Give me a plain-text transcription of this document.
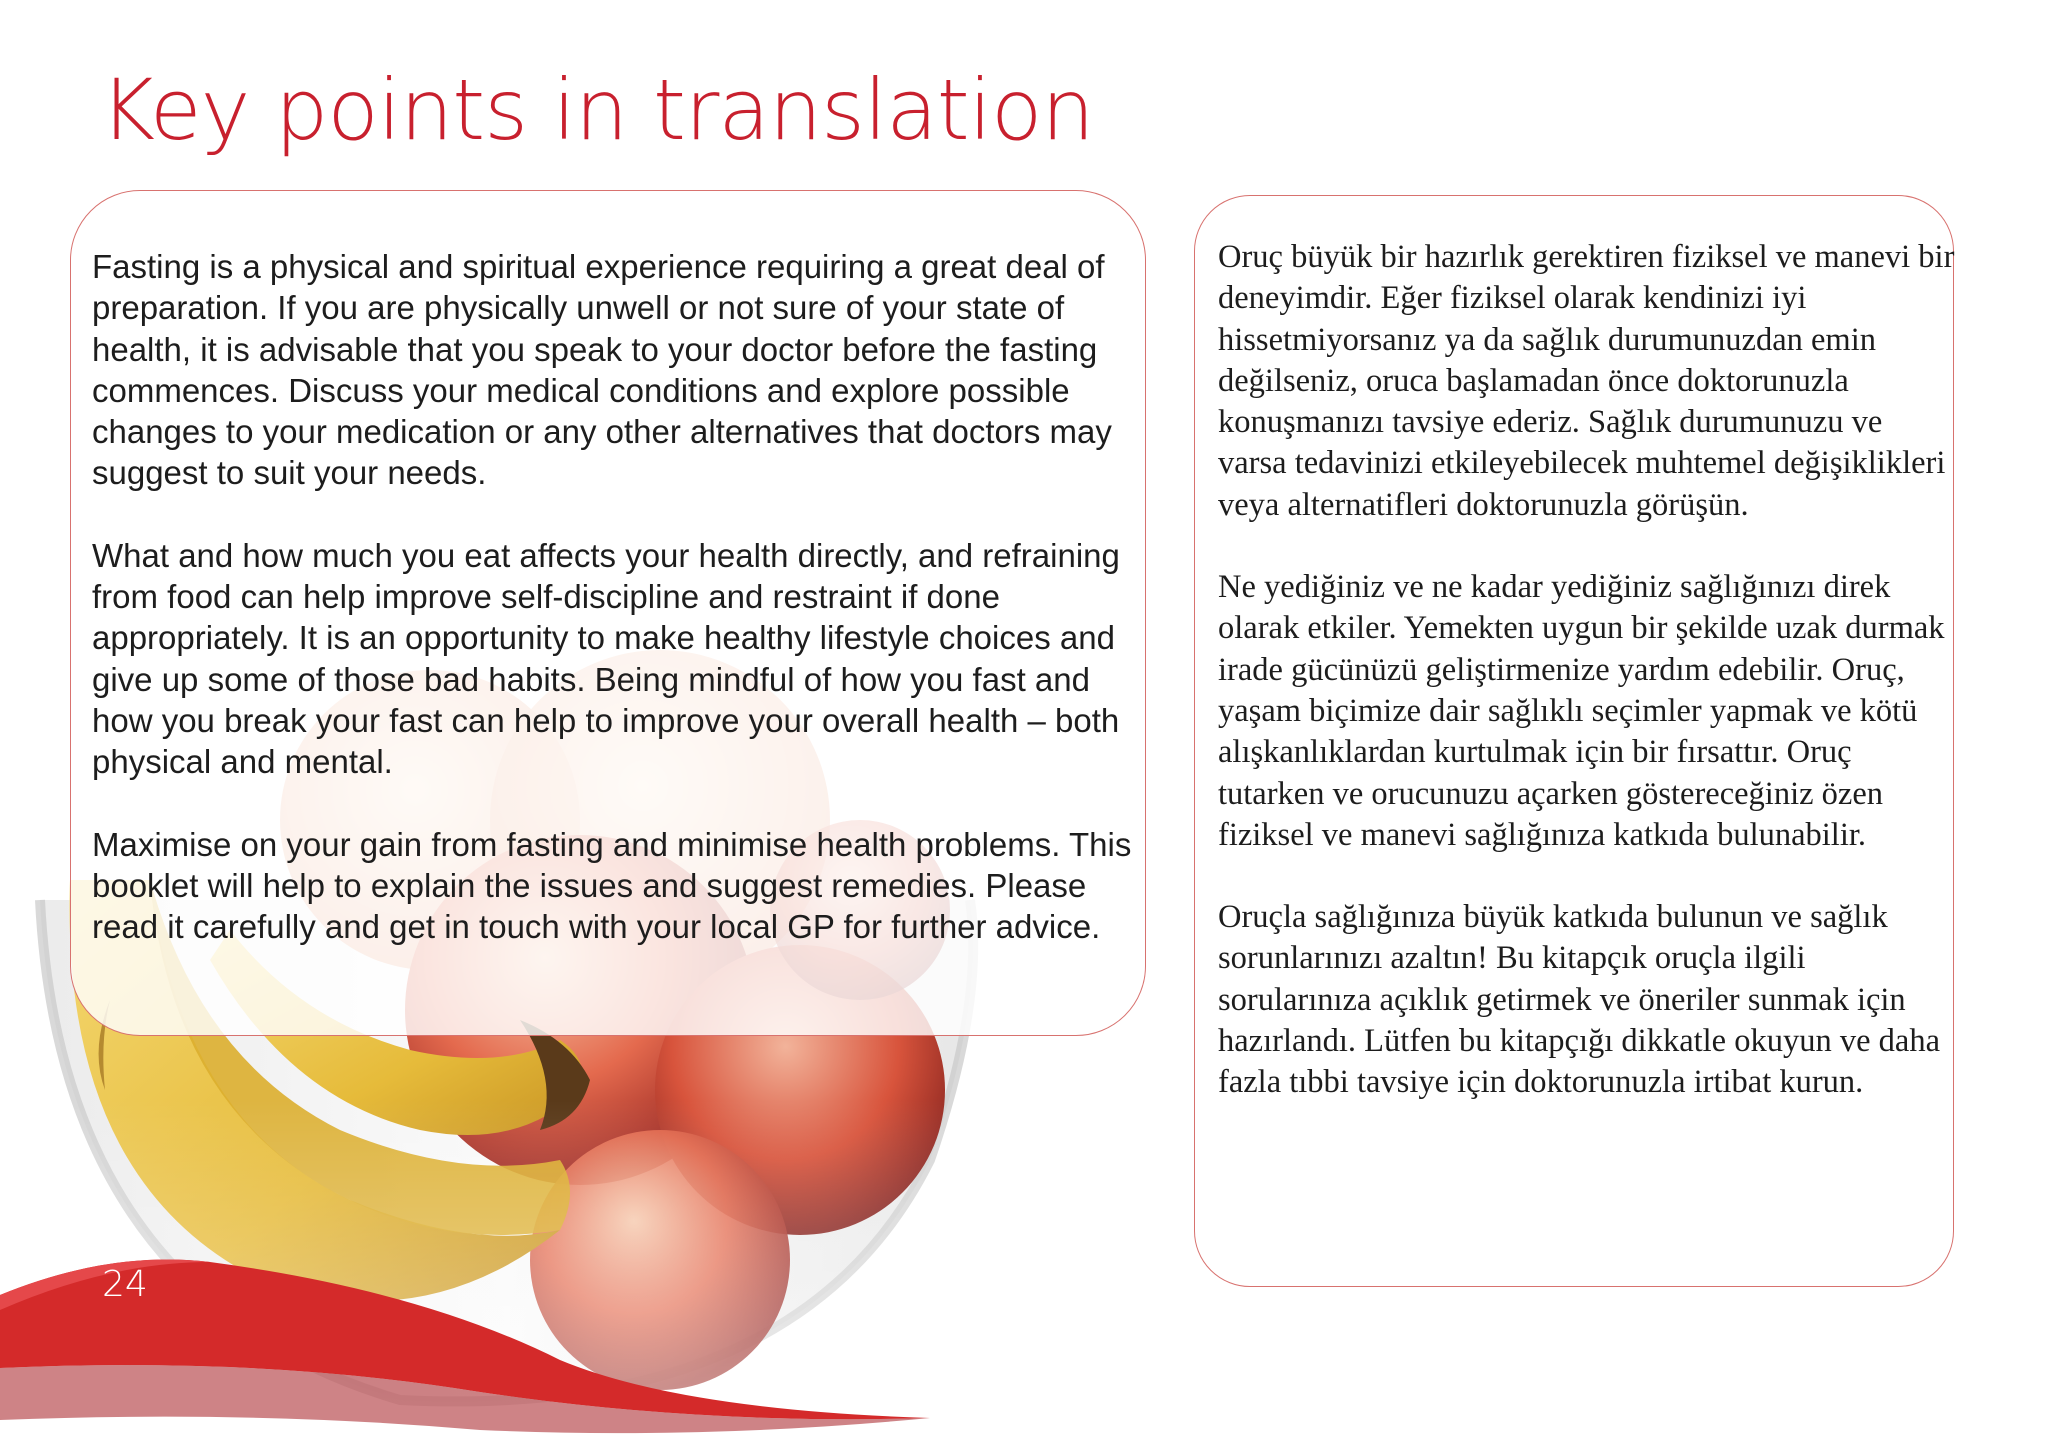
Key points in translation

Fasting is a physical and spiritual experience requiring a great deal of preparation. If you are physically unwell or not sure of your state of health, it is advisable that you speak to your doctor before the fasting commences. Discuss your medical conditions and explore possible changes to your medication or any other alternatives that doctors may suggest to suit your needs.

What and how much you eat affects your health directly, and refraining from food can help improve self-discipline and restraint if done appropriately. It is an opportunity to make healthy lifestyle choices and give up some of those bad habits. Being mindful of how you fast and how you break your fast can help to improve your overall health – both physical and mental.

Maximise on your gain from fasting and minimise health problems. This booklet will help to explain the issues and suggest remedies. Please read it carefully and get in touch with your local GP for further advice.

Oruç büyük bir hazırlık gerektiren fiziksel ve manevi bir deneyimdir. Eğer fiziksel olarak kendinizi iyi hissetmiyorsanız ya da sağlık durumunuzdan emin değilseniz, oruca başlamadan önce doktorunuzla konuşmanızı tavsiye ederiz. Sağlık durumunuzu ve varsa tedavinizi etkileyebilecek muhtemel değişiklikleri veya alternatifleri doktorunuzla görüşün.

Ne yediğiniz ve ne kadar yediğiniz sağlığınızı direk olarak etkiler. Yemekten uygun bir şekilde uzak durmak irade gücünüzü geliştirmenize yardım edebilir. Oruç, yaşam biçimize dair sağlıklı seçimler yapmak ve kötü alışkanlıklardan kurtulmak için bir fırsattır. Oruç tutarken ve orucunuzu açarken göstereceğiniz özen fiziksel ve manevi sağlığınıza katkıda bulunabilir.

Oruçla sağlığınıza büyük katkıda bulunun ve sağlık sorunlarınızı azaltın! Bu kitapçık oruçla ilgili sorularınıza açıklık getirmek ve öneriler sunmak için hazırlandı. Lütfen bu kitapçığı dikkatle okuyun ve daha fazla tıbbi tavsiye için doktorunuzla irtibat kurun.

24
